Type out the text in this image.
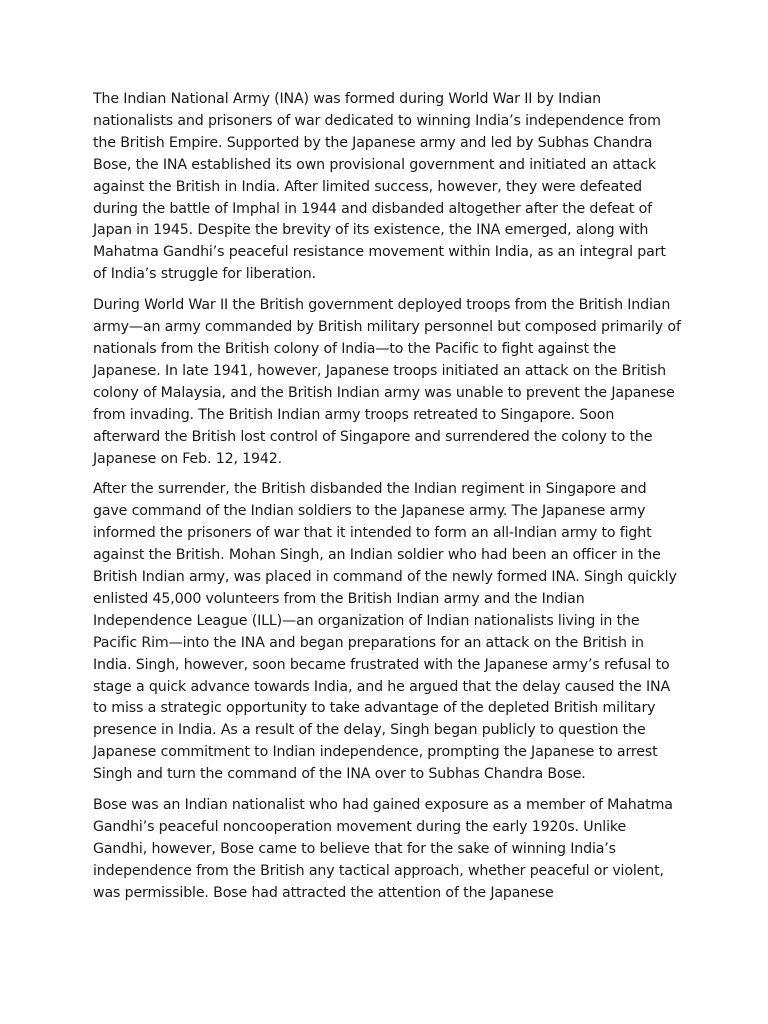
The Indian National Army (INA) was formed during World War II by Indian nationalists and prisoners of war dedicated to winning India’s independence from the British Empire. Supported by the Japanese army and led by Subhas Chandra Bose, the INA established its own provisional government and initiated an attack against the British in India. After limited success, however, they were defeated during the battle of Imphal in 1944 and disbanded altogether after the defeat of Japan in 1945. Despite the brevity of its existence, the INA emerged, along with Mahatma Gandhi’s peaceful resistance movement within India, as an integral part of India’s struggle for liberation.

During World War II the British government deployed troops from the British Indian army—an army commanded by British military personnel but composed primarily of nationals from the British colony of India—to the Pacific to fight against the Japanese. In late 1941, however, Japanese troops initiated an attack on the British colony of Malaysia, and the British Indian army was unable to prevent the Japanese from invading. The British Indian army troops retreated to Singapore. Soon afterward the British lost control of Singapore and surrendered the colony to the Japanese on Feb. 12, 1942.

After the surrender, the British disbanded the Indian regiment in Singapore and gave command of the Indian soldiers to the Japanese army. The Japanese army informed the prisoners of war that it intended to form an all-Indian army to fight against the British. Mohan Singh, an Indian soldier who had been an officer in the British Indian army, was placed in command of the newly formed INA. Singh quickly enlisted 45,000 volunteers from the British Indian army and the Indian Independence League (ILL)—an organization of Indian nationalists living in the Pacific Rim—into the INA and began preparations for an attack on the British in India. Singh, however, soon became frustrated with the Japanese army’s refusal to stage a quick advance towards India, and he argued that the delay caused the INA to miss a strategic opportunity to take advantage of the depleted British military presence in India. As a result of the delay, Singh began publicly to question the Japanese commitment to Indian independence, prompting the Japanese to arrest Singh and turn the command of the INA over to Subhas Chandra Bose.

Bose was an Indian nationalist who had gained exposure as a member of Mahatma Gandhi’s peaceful noncooperation movement during the early 1920s. Unlike Gandhi, however, Bose came to believe that for the sake of winning India’s independence from the British any tactical approach, whether peaceful or violent, was permissible. Bose had attracted the attention of the Japanese
